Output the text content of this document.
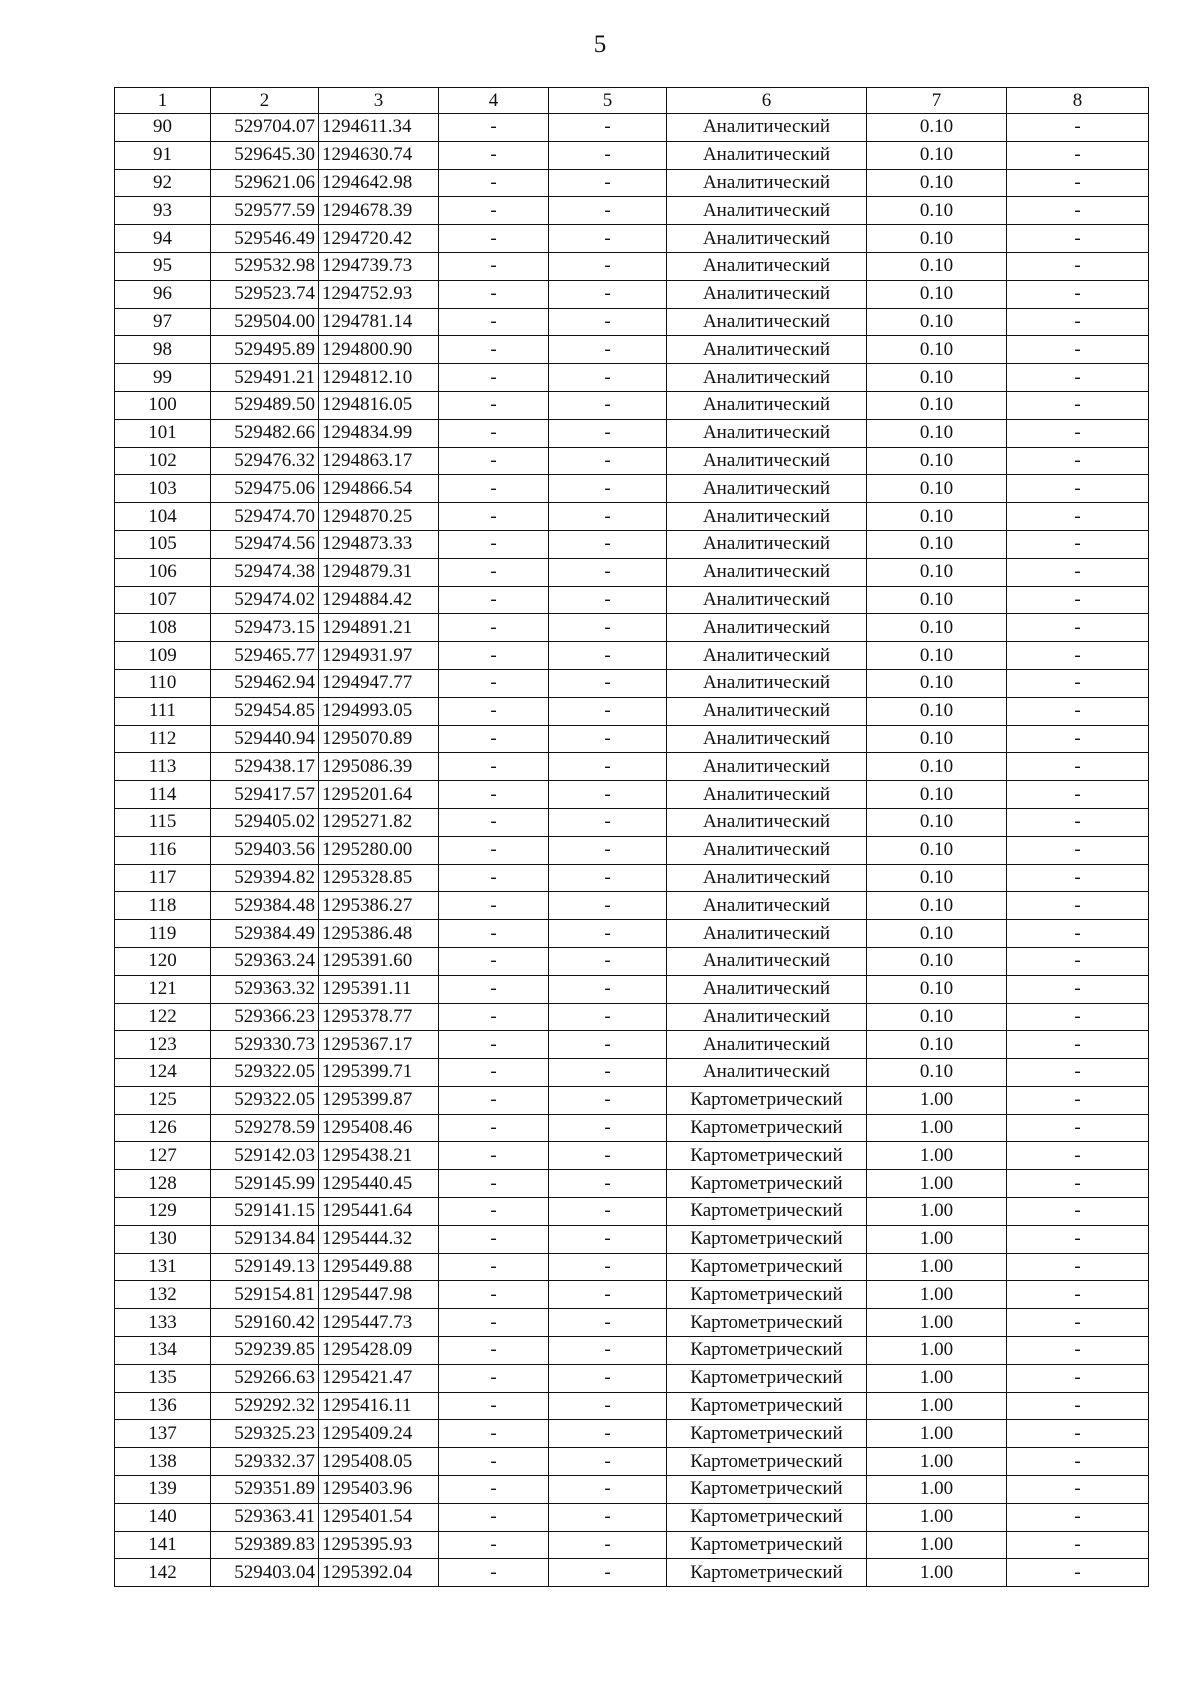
5
1	2	3	4	5	6	7	8
90	529704.07	1294611.34	-	-	Аналитический	0.10	-
91	529645.30	1294630.74	-	-	Аналитический	0.10	-
92	529621.06	1294642.98	-	-	Аналитический	0.10	-
93	529577.59	1294678.39	-	-	Аналитический	0.10	-
94	529546.49	1294720.42	-	-	Аналитический	0.10	-
95	529532.98	1294739.73	-	-	Аналитический	0.10	-
96	529523.74	1294752.93	-	-	Аналитический	0.10	-
97	529504.00	1294781.14	-	-	Аналитический	0.10	-
98	529495.89	1294800.90	-	-	Аналитический	0.10	-
99	529491.21	1294812.10	-	-	Аналитический	0.10	-
100	529489.50	1294816.05	-	-	Аналитический	0.10	-
101	529482.66	1294834.99	-	-	Аналитический	0.10	-
102	529476.32	1294863.17	-	-	Аналитический	0.10	-
103	529475.06	1294866.54	-	-	Аналитический	0.10	-
104	529474.70	1294870.25	-	-	Аналитический	0.10	-
105	529474.56	1294873.33	-	-	Аналитический	0.10	-
106	529474.38	1294879.31	-	-	Аналитический	0.10	-
107	529474.02	1294884.42	-	-	Аналитический	0.10	-
108	529473.15	1294891.21	-	-	Аналитический	0.10	-
109	529465.77	1294931.97	-	-	Аналитический	0.10	-
110	529462.94	1294947.77	-	-	Аналитический	0.10	-
111	529454.85	1294993.05	-	-	Аналитический	0.10	-
112	529440.94	1295070.89	-	-	Аналитический	0.10	-
113	529438.17	1295086.39	-	-	Аналитический	0.10	-
114	529417.57	1295201.64	-	-	Аналитический	0.10	-
115	529405.02	1295271.82	-	-	Аналитический	0.10	-
116	529403.56	1295280.00	-	-	Аналитический	0.10	-
117	529394.82	1295328.85	-	-	Аналитический	0.10	-
118	529384.48	1295386.27	-	-	Аналитический	0.10	-
119	529384.49	1295386.48	-	-	Аналитический	0.10	-
120	529363.24	1295391.60	-	-	Аналитический	0.10	-
121	529363.32	1295391.11	-	-	Аналитический	0.10	-
122	529366.23	1295378.77	-	-	Аналитический	0.10	-
123	529330.73	1295367.17	-	-	Аналитический	0.10	-
124	529322.05	1295399.71	-	-	Аналитический	0.10	-
125	529322.05	1295399.87	-	-	Картометрический	1.00	-
126	529278.59	1295408.46	-	-	Картометрический	1.00	-
127	529142.03	1295438.21	-	-	Картометрический	1.00	-
128	529145.99	1295440.45	-	-	Картометрический	1.00	-
129	529141.15	1295441.64	-	-	Картометрический	1.00	-
130	529134.84	1295444.32	-	-	Картометрический	1.00	-
131	529149.13	1295449.88	-	-	Картометрический	1.00	-
132	529154.81	1295447.98	-	-	Картометрический	1.00	-
133	529160.42	1295447.73	-	-	Картометрический	1.00	-
134	529239.85	1295428.09	-	-	Картометрический	1.00	-
135	529266.63	1295421.47	-	-	Картометрический	1.00	-
136	529292.32	1295416.11	-	-	Картометрический	1.00	-
137	529325.23	1295409.24	-	-	Картометрический	1.00	-
138	529332.37	1295408.05	-	-	Картометрический	1.00	-
139	529351.89	1295403.96	-	-	Картометрический	1.00	-
140	529363.41	1295401.54	-	-	Картометрический	1.00	-
141	529389.83	1295395.93	-	-	Картометрический	1.00	-
142	529403.04	1295392.04	-	-	Картометрический	1.00	-
